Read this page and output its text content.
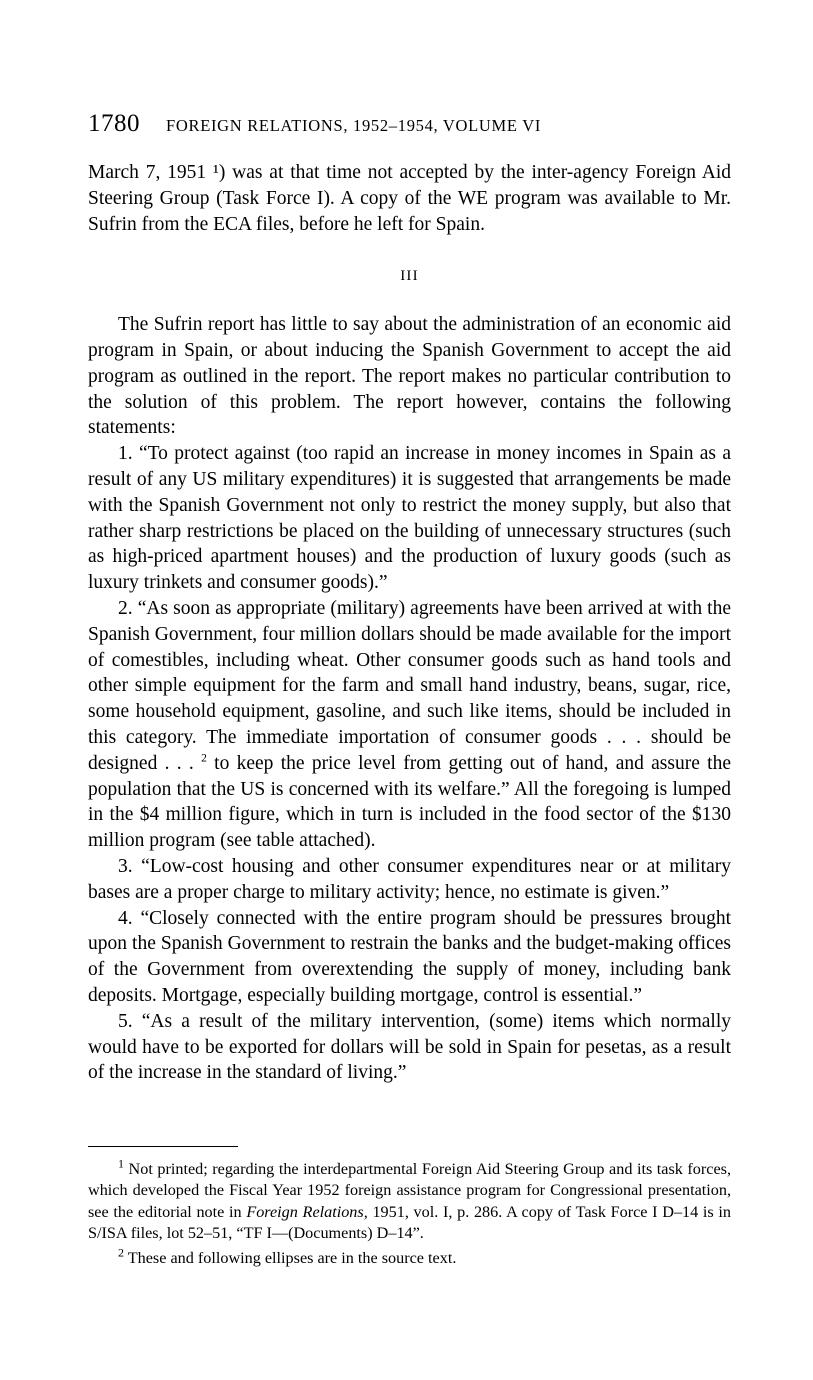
1780 FOREIGN RELATIONS, 1952–1954, VOLUME VI

March 7, 1951 ¹) was at that time not accepted by the inter-agency Foreign Aid Steering Group (Task Force I). A copy of the WE program was available to Mr. Sufrin from the ECA files, before he left for Spain.

III

The Sufrin report has little to say about the administration of an economic aid program in Spain, or about inducing the Spanish Government to accept the aid program as outlined in the report. The report makes no particular contribution to the solution of this problem. The report however, contains the following statements:

1. “To protect against (too rapid an increase in money incomes in Spain as a result of any US military expenditures) it is suggested that arrangements be made with the Spanish Government not only to restrict the money supply, but also that rather sharp restrictions be placed on the building of unnecessary structures (such as high-priced apartment houses) and the production of luxury goods (such as luxury trinkets and consumer goods).”

2. “As soon as appropriate (military) agreements have been arrived at with the Spanish Government, four million dollars should be made available for the import of comestibles, including wheat. Other consumer goods such as hand tools and other simple equipment for the farm and small hand industry, beans, sugar, rice, some household equipment, gasoline, and such like items, should be included in this category. The immediate importation of consumer goods . . . should be designed . . . $^2$ to keep the price level from getting out of hand, and assure the population that the US is concerned with its welfare.” All the foregoing is lumped in the $4 million figure, which in turn is included in the food sector of the $130 million program (see table attached).

3. “Low-cost housing and other consumer expenditures near or at military bases are a proper charge to military activity; hence, no estimate is given.”

4. “Closely connected with the entire program should be pressures brought upon the Spanish Government to restrain the banks and the budget-making offices of the Government from overextending the supply of money, including bank deposits. Mortgage, especially building mortgage, control is essential.”

5. “As a result of the military intervention, (some) items which normally would have to be exported for dollars will be sold in Spain for pesetas, as a result of the increase in the standard of living.”

$^1$ Not printed; regarding the interdepartmental Foreign Aid Steering Group and its task forces, which developed the Fiscal Year 1952 foreign assistance program for Congressional presentation, see the editorial note in Foreign Relations, 1951, vol. I, p. 286. A copy of Task Force I D–14 is in S/ISA files, lot 52–51, “TF I—(Documents) D–14”.
$^2$ These and following ellipses are in the source text.
